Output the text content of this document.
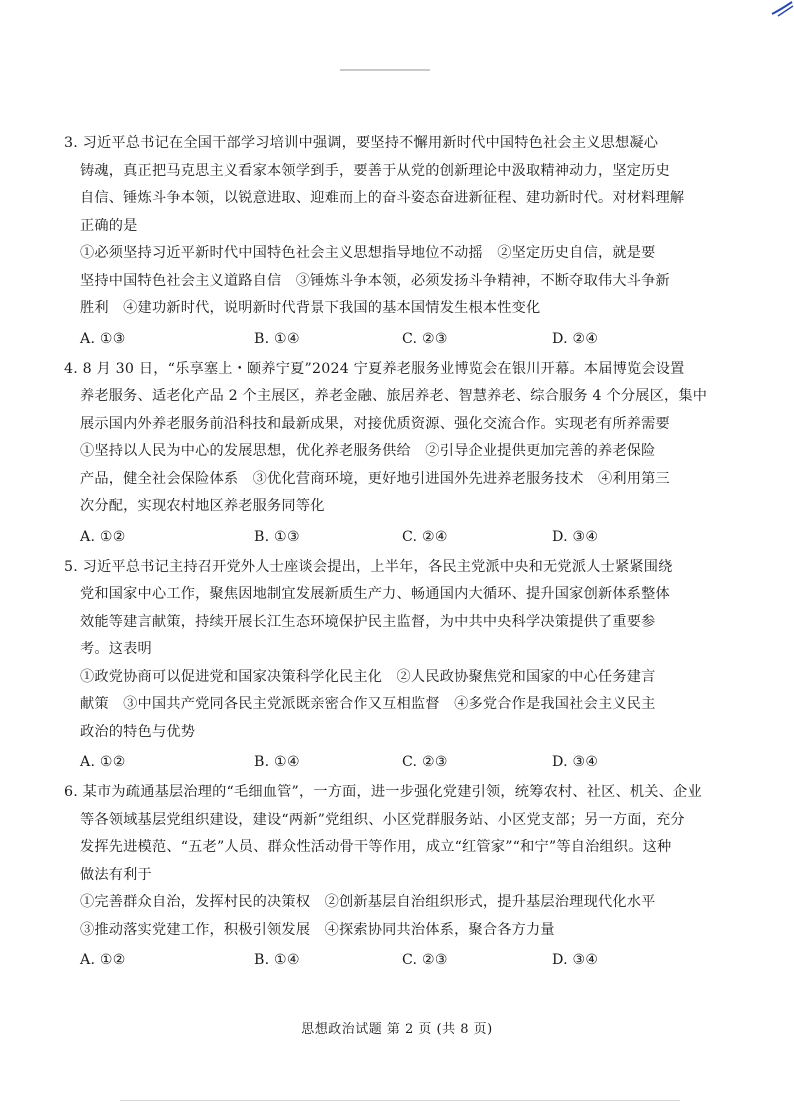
3. 习近平总书记在全国干部学习培训中强调，要坚持不懈用新时代中国特色社会主义思想凝心
铸魂，真正把马克思主义看家本领学到手，要善于从党的创新理论中汲取精神动力，坚定历史
自信、锤炼斗争本领，以锐意进取、迎难而上的奋斗姿态奋进新征程、建功新时代。对材料理解
正确的是
①必须坚持习近平新时代中国特色社会主义思想指导地位不动摇　②坚定历史自信，就是要
坚持中国特色社会主义道路自信　③锤炼斗争本领，必须发扬斗争精神，不断夺取伟大斗争新
胜利　④建功新时代，说明新时代背景下我国的基本国情发生根本性变化
A. ①③	B. ①④	C. ②③	D. ②④
4. 8 月 30 日，“乐享塞上・颐养宁夏”2024 宁夏养老服务业博览会在银川开幕。本届博览会设置
养老服务、适老化产品 2 个主展区，养老金融、旅居养老、智慧养老、综合服务 4 个分展区，集中
展示国内外养老服务前沿科技和最新成果，对接优质资源、强化交流合作。实现老有所养需要
①坚持以人民为中心的发展思想，优化养老服务供给　②引导企业提供更加完善的养老保险
产品，健全社会保险体系　③优化营商环境，更好地引进国外先进养老服务技术　④利用第三
次分配，实现农村地区养老服务同等化
A. ①②	B. ①③	C. ②④	D. ③④
5. 习近平总书记主持召开党外人士座谈会提出，上半年，各民主党派中央和无党派人士紧紧围绕
党和国家中心工作，聚焦因地制宜发展新质生产力、畅通国内大循环、提升国家创新体系整体
效能等建言献策，持续开展长江生态环境保护民主监督，为中共中央科学决策提供了重要参
考。这表明
①政党协商可以促进党和国家决策科学化民主化　②人民政协聚焦党和国家的中心任务建言
献策　③中国共产党同各民主党派既亲密合作又互相监督　④多党合作是我国社会主义民主
政治的特色与优势
A. ①②	B. ①④	C. ②③	D. ③④
6. 某市为疏通基层治理的“毛细血管”，一方面，进一步强化党建引领，统筹农村、社区、机关、企业
等各领域基层党组织建设，建设“两新”党组织、小区党群服务站、小区党支部；另一方面，充分
发挥先进模范、“五老”人员、群众性活动骨干等作用，成立“红管家”“和宁”等自治组织。这种
做法有利于
①完善群众自治，发挥村民的决策权　②创新基层自治组织形式，提升基层治理现代化水平
③推动落实党建工作，积极引领发展　④探索协同共治体系，聚合各方力量
A. ①②	B. ①④	C. ②③	D. ③④
思想政治试题 第 2 页 (共 8 页)
